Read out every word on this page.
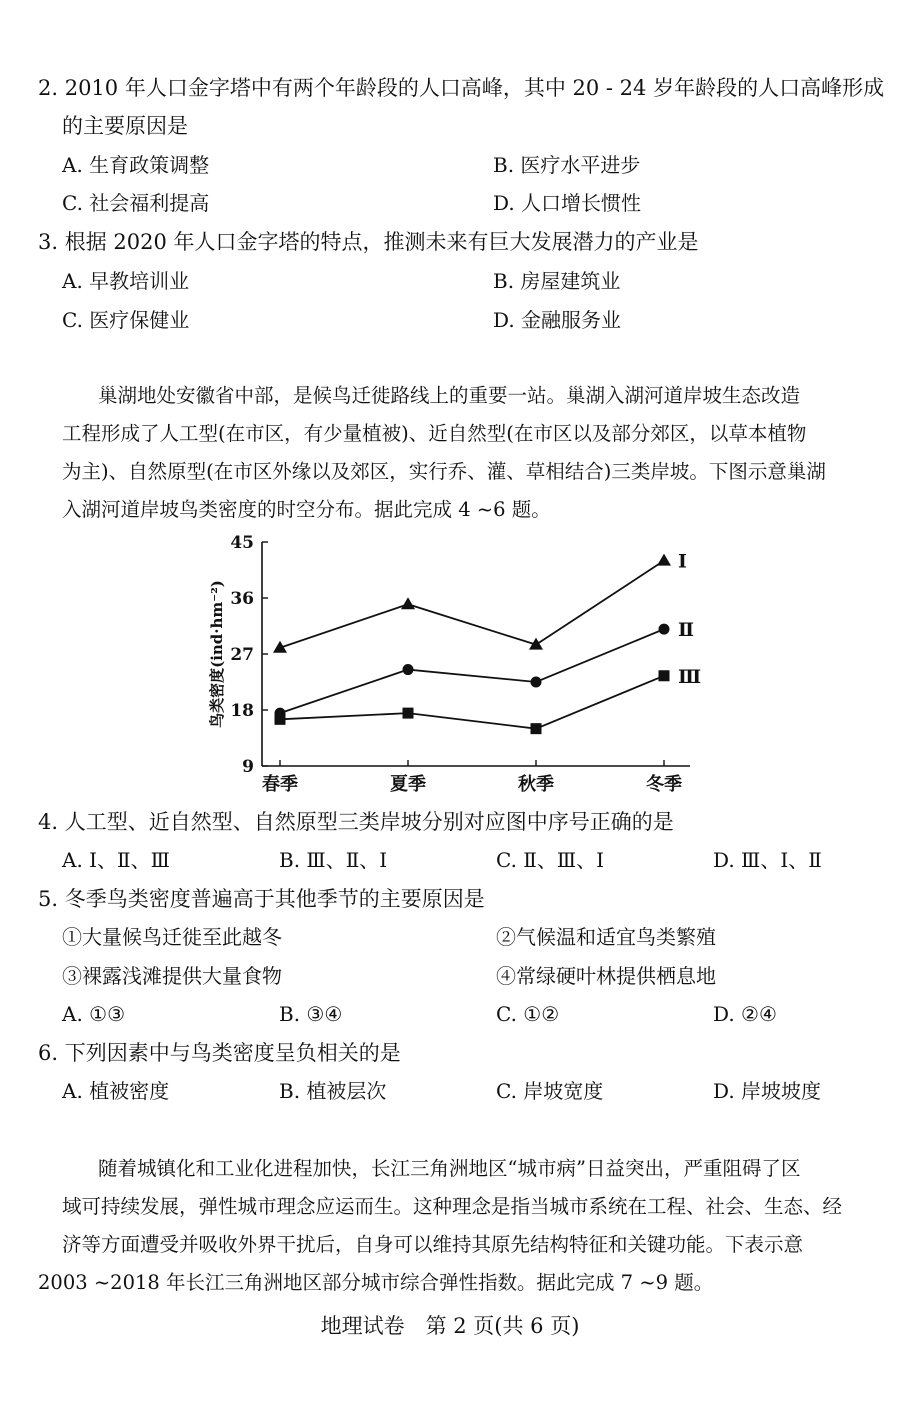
2. 2010 年人口金字塔中有两个年龄段的人口高峰，其中 20 - 24 岁年龄段的人口高峰形成
的主要原因是
A. 生育政策调整	B. 医疗水平进步
C. 社会福利提高	D. 人口增长惯性
3. 根据 2020 年人口金字塔的特点，推测未来有巨大发展潜力的产业是
A. 早教培训业	B. 房屋建筑业
C. 医疗保健业	D. 金融服务业
巢湖地处安徽省中部，是候鸟迁徙路线上的重要一站。巢湖入湖河道岸坡生态改造
工程形成了人工型(在市区，有少量植被)、近自然型(在市区以及部分郊区，以草本植物
为主)、自然原型(在市区外缘以及郊区，实行乔、灌、草相结合)三类岸坡。下图示意巢湖
入湖河道岸坡鸟类密度的时空分布。据此完成 4 ~6 题。
45
36
27
18
9
春季	夏季	秋季	冬季
鸟类密度(ind·hm⁻²)
Ⅰ
Ⅱ
Ⅲ
4. 人工型、近自然型、自然原型三类岸坡分别对应图中序号正确的是
A. Ⅰ、Ⅱ、Ⅲ	B. Ⅲ、Ⅱ、Ⅰ	C. Ⅱ、Ⅲ、Ⅰ	D. Ⅲ、Ⅰ、Ⅱ
5. 冬季鸟类密度普遍高于其他季节的主要原因是
①大量候鸟迁徙至此越冬	②气候温和适宜鸟类繁殖
③裸露浅滩提供大量食物	④常绿硬叶林提供栖息地
A. ①③	B. ③④	C. ①②	D. ②④
6. 下列因素中与鸟类密度呈负相关的是
A. 植被密度	B. 植被层次	C. 岸坡宽度	D. 岸坡坡度
随着城镇化和工业化进程加快，长江三角洲地区“城市病”日益突出，严重阻碍了区
域可持续发展，弹性城市理念应运而生。这种理念是指当城市系统在工程、社会、生态、经
济等方面遭受并吸收外界干扰后，自身可以维持其原先结构特征和关键功能。下表示意
2003 ~2018 年长江三角洲地区部分城市综合弹性指数。据此完成 7 ~9 题。
地理试卷　第 2 页(共 6 页)
